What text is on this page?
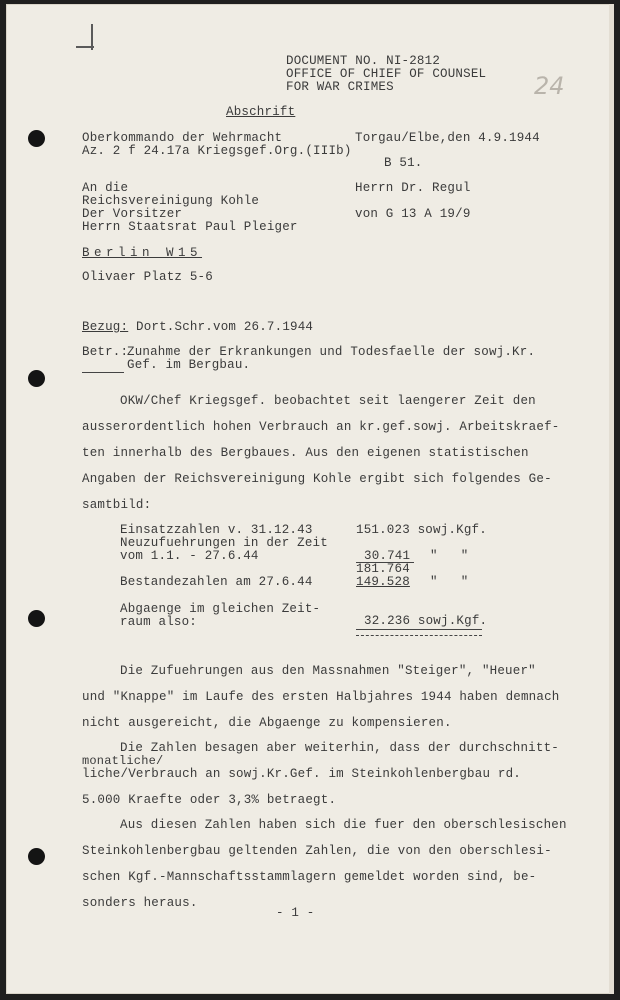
DOCUMENT NO. NI-2812
OFFICE OF CHIEF OF COUNSEL
FOR WAR CRIMES	24
Abschrift
Oberkommando der Wehrmacht
Az. 2 f 24.17a Kriegsgef.Org.(IIIb)
Torgau/Elbe,den 4.9.1944
B 51.
An die
Reichsvereinigung Kohle
Der Vorsitzer
Herrn Staatsrat Paul Pleiger
Herrn Dr. Regul
von G 13 A 19/9
Berlin W15
Olivaer Platz 5-6
Bezug: Dort.Schr.vom 26.7.1944
Betr.:
Zunahme der Erkrankungen und Todesfaelle der sowj.Kr.
Gef. im Bergbau.
OKW/Chef Kriegsgef. beobachtet seit laengerer Zeit den
ausserordentlich hohen Verbrauch an kr.gef.sowj. Arbeitskraef-
ten innerhalb des Bergbaues. Aus den eigenen statistischen
Angaben der Reichsvereinigung Kohle ergibt sich folgendes Ge-
samtbild:
Einsatzzahlen v. 31.12.43	151.023 sowj.Kgf.
Neuzufuehrungen in der Zeit
vom 1.1. - 27.6.44	30.741 "   "
181.764
Bestandezahlen am 27.6.44	149.528 "   "
Abgaenge im gleichen Zeit-
raum also:	32.236 sowj.Kgf.
Die Zufuehrungen aus den Massnahmen "Steiger", "Heuer"
und "Knappe" im Laufe des ersten Halbjahres 1944 haben demnach
nicht ausgereicht, die Abgaenge zu kompensieren.
Die Zahlen besagen aber weiterhin, dass der durchschnitt-
monatliche/
liche/Verbrauch an sowj.Kr.Gef. im Steinkohlenbergbau rd.
5.000 Kraefte oder 3,3% betraegt.
Aus diesen Zahlen haben sich die fuer den oberschlesischen
Steinkohlenbergbau geltenden Zahlen, die von den oberschlesi-
schen Kgf.-Mannschaftsstammlagern gemeldet worden sind, be-
sonders heraus.
- 1 -
